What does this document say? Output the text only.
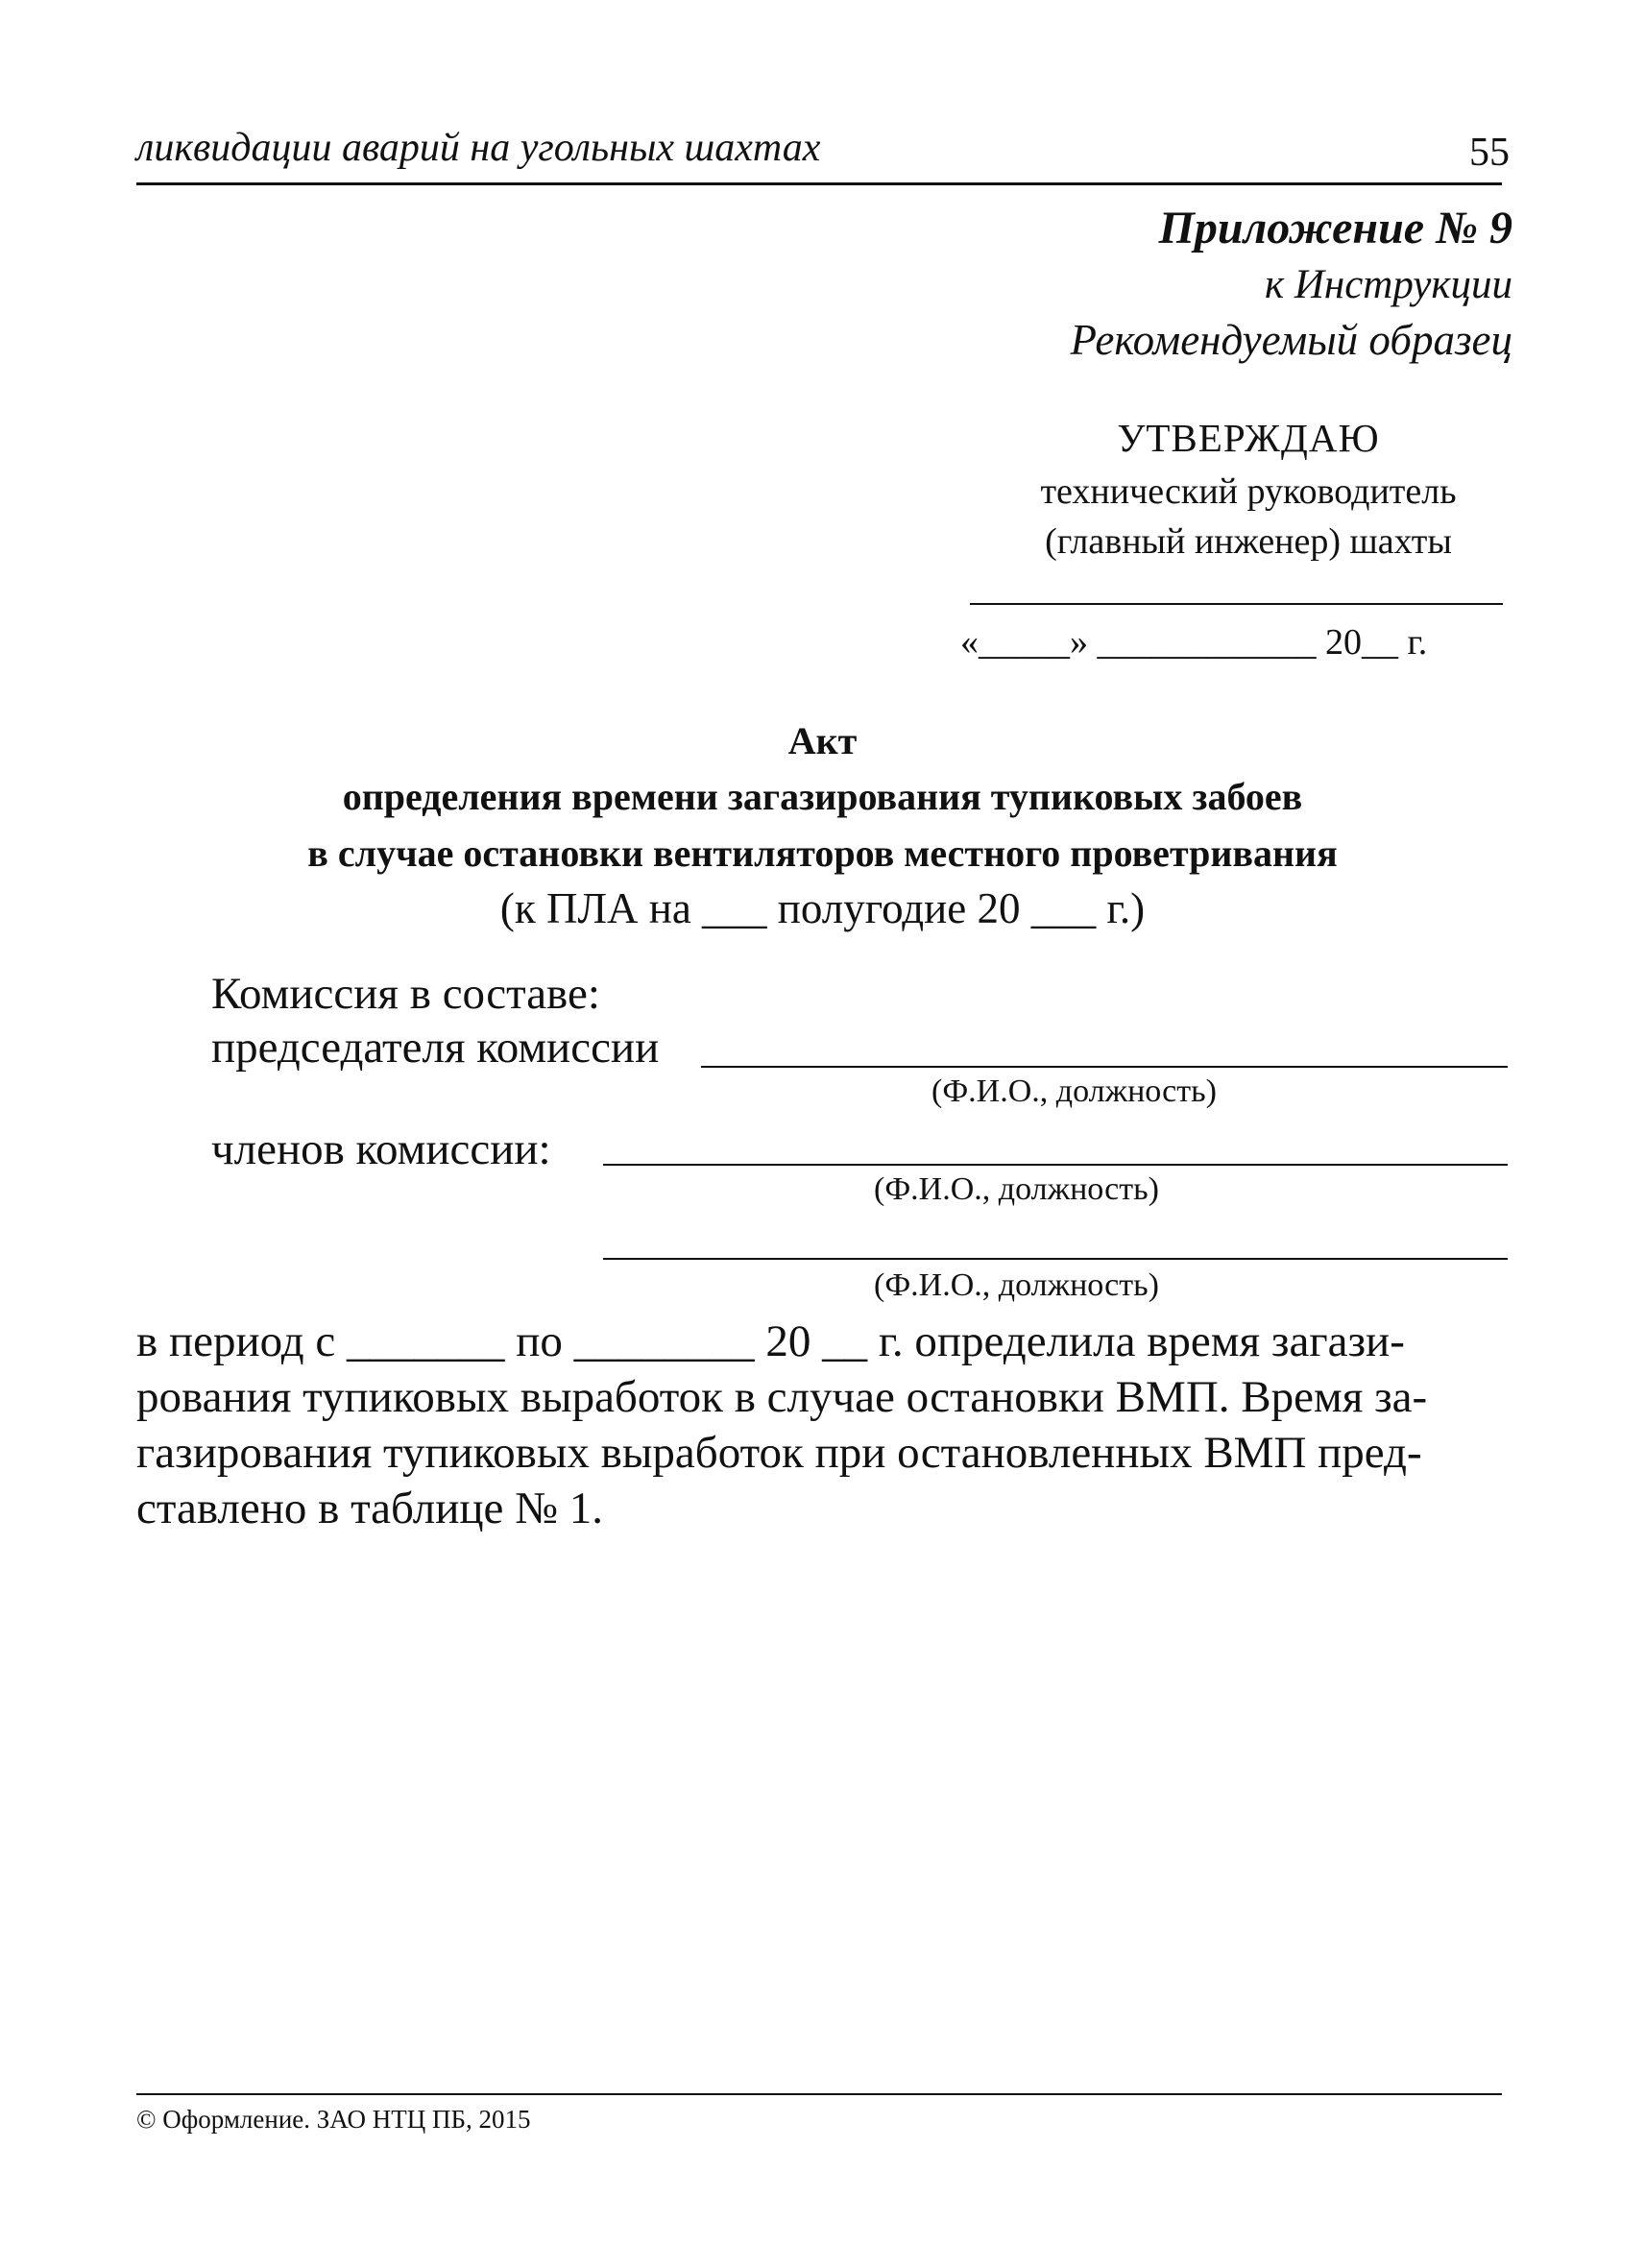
ликвидации аварий на угольных шахтах	55
Приложение № 9
к Инструкции
Рекомендуемый образец
УТВЕРЖДАЮ
технический руководитель
(главный инженер) шахты
«_____» ____________ 20__ г.
Акт
определения времени загазирования тупиковых забоев
в случае остановки вентиляторов местного проветривания
(к ПЛА на ___ полугодие 20 ___ г.)
Комиссия в составе:
председателя комиссии
(Ф.И.О., должность)
членов комиссии:
(Ф.И.О., должность)
(Ф.И.О., должность)
в период с _______ по ________ 20 __ г. определила время загази-
рования тупиковых выработок в случае остановки ВМП. Время за-
газирования тупиковых выработок при остановленных ВМП пред-
ставлено в таблице № 1.
© Оформление. ЗАО НТЦ ПБ, 2015
